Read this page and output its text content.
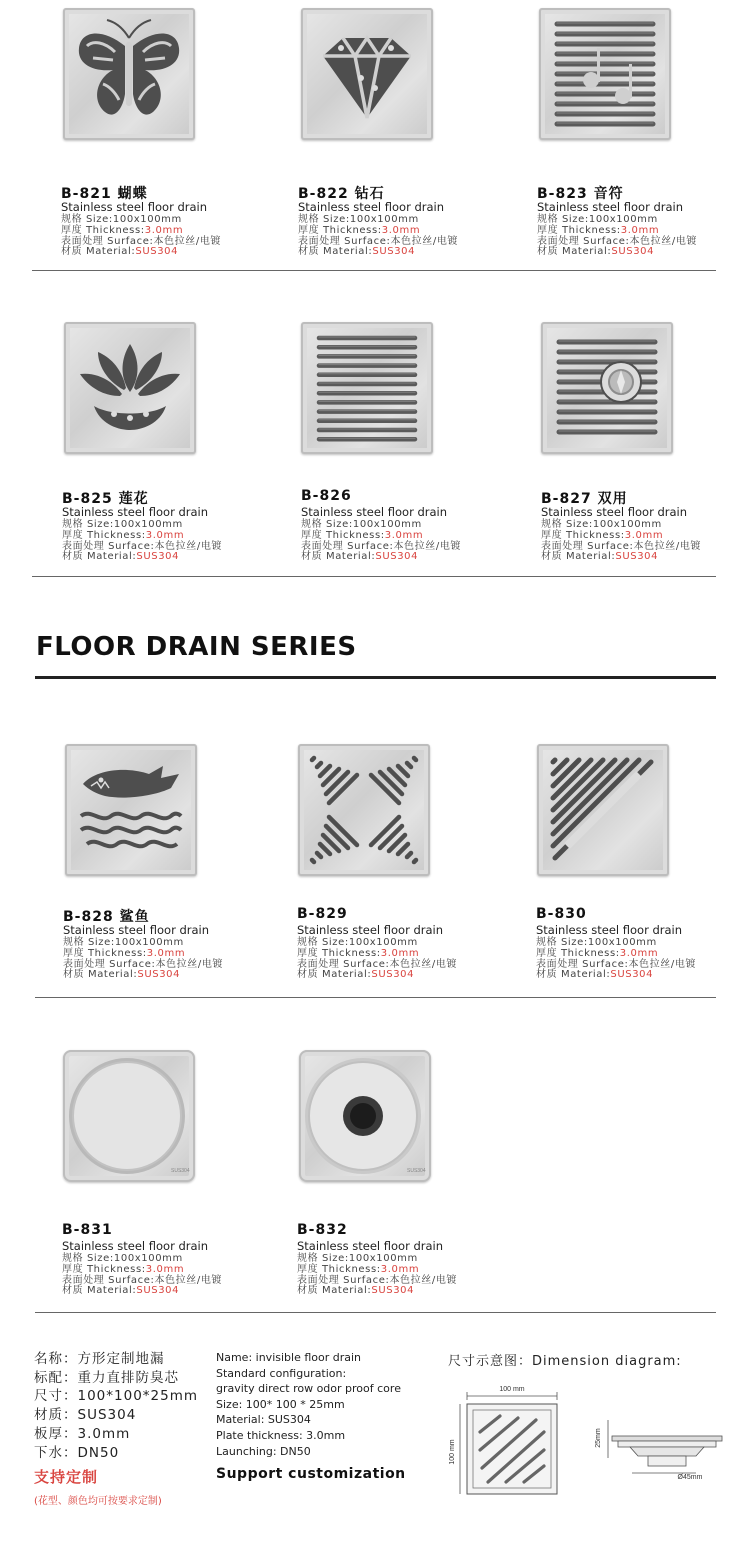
B-821 蝴蝶
Stainless steel floor drain
规格 Size:100x100mm
厚度 Thickness:3.0mm
表面处理 Surface:本色拉丝/电镀
材质 Material:SUS304
B-822 钻石
Stainless steel floor drain
规格 Size:100x100mm
厚度 Thickness:3.0mm
表面处理 Surface:本色拉丝/电镀
材质 Material:SUS304
B-823 音符
Stainless steel floor drain
规格 Size:100x100mm
厚度 Thickness:3.0mm
表面处理 Surface:本色拉丝/电镀
材质 Material:SUS304
B-825 莲花
Stainless steel floor drain
规格 Size:100x100mm
厚度 Thickness:3.0mm
表面处理 Surface:本色拉丝/电镀
材质 Material:SUS304
B-826
Stainless steel floor drain
规格 Size:100x100mm
厚度 Thickness:3.0mm
表面处理 Surface:本色拉丝/电镀
材质 Material:SUS304
B-827 双用
Stainless steel floor drain
规格 Size:100x100mm
厚度 Thickness:3.0mm
表面处理 Surface:本色拉丝/电镀
材质 Material:SUS304
B-828 鲨鱼
Stainless steel floor drain
规格 Size:100x100mm
厚度 Thickness:3.0mm
表面处理 Surface:本色拉丝/电镀
材质 Material:SUS304
B-829
Stainless steel floor drain
规格 Size:100x100mm
厚度 Thickness:3.0mm
表面处理 Surface:本色拉丝/电镀
材质 Material:SUS304
B-830
Stainless steel floor drain
规格 Size:100x100mm
厚度 Thickness:3.0mm
表面处理 Surface:本色拉丝/电镀
材质 Material:SUS304
SUS304
B-831
Stainless steel floor drain
规格 Size:100x100mm
厚度 Thickness:3.0mm
表面处理 Surface:本色拉丝/电镀
材质 Material:SUS304
SUS304
B-832
Stainless steel floor drain
规格 Size:100x100mm
厚度 Thickness:3.0mm
表面处理 Surface:本色拉丝/电镀
材质 Material:SUS304
FLOOR DRAIN SERIES
名称：方形定制地漏
标配：重力直排防臭芯
尺寸：100*100*25mm
材质：SUS304
板厚：3.0mm
下水：DN50
Name: invisible floor drain
Standard configuration:
gravity direct row odor proof core
Size: 100* 100 * 25mm
Material: SUS304
Plate thickness: 3.0mm
Launching: DN50
支持定制
(花型、颜色均可按要求定制)
Support customization
尺寸示意图：Dimension diagram:
100 mm
100 mm
25mm
Ø45mm
